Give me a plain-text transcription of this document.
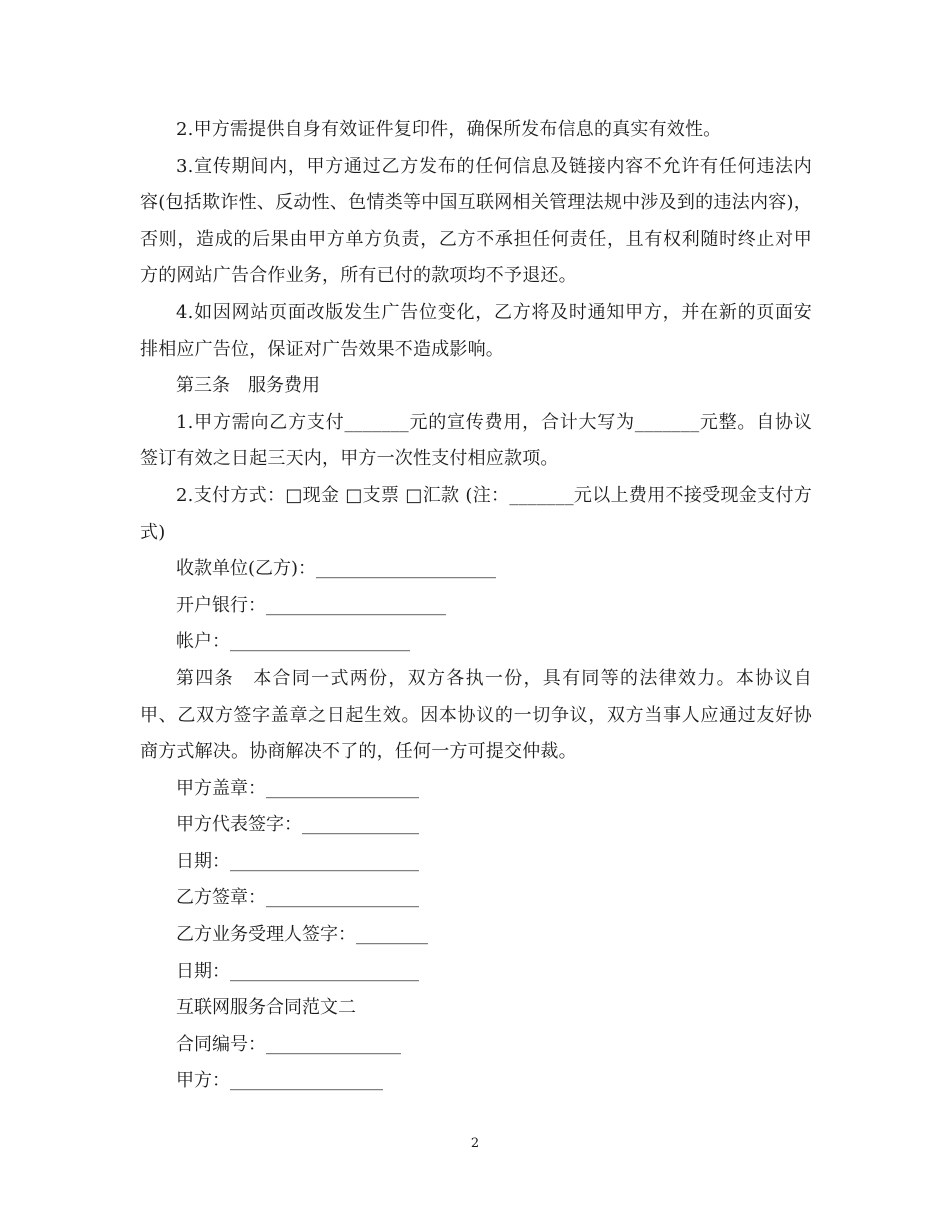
2.甲方需提供自身有效证件复印件，确保所发布信息的真实有效性。

3.宣传期间内，甲方通过乙方发布的任何信息及链接内容不允许有任何违法内容(包括欺诈性、反动性、色情类等中国互联网相关管理法规中涉及到的违法内容)，否则，造成的后果由甲方单方负责，乙方不承担任何责任，且有权利随时终止对甲方的网站广告合作业务，所有已付的款项均不予退还。

4.如因网站页面改版发生广告位变化，乙方将及时通知甲方，并在新的页面安排相应广告位，保证对广告效果不造成影响。

第三条　服务费用

1.甲方需向乙方支付_______元的宣传费用，合计大写为_______元整。自协议签订有效之日起三天内，甲方一次性支付相应款项。

2.支付方式：□现金 □支票 □汇款 (注：_______元以上费用不接受现金支付方式)

收款单位(乙方)：____________________

开户银行：____________________

帐户：____________________

第四条　本合同一式两份，双方各执一份，具有同等的法律效力。本协议自甲、乙双方签字盖章之日起生效。因本协议的一切争议，双方当事人应通过友好协商方式解决。协商解决不了的，任何一方可提交仲裁。

甲方盖章：_________________

甲方代表签字：_____________

日期：_____________________

乙方签章：_________________

乙方业务受理人签字：________

日期：_____________________

互联网服务合同范文二

合同编号：_______________

甲方：_________________

2
